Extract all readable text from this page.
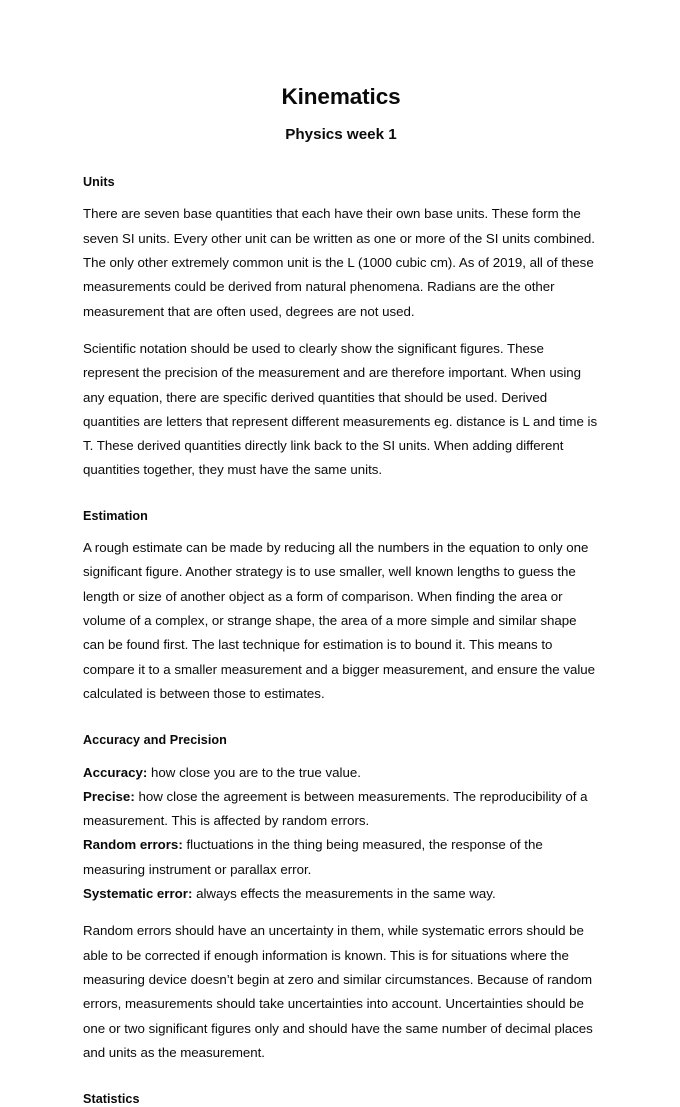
Kinematics
Physics week 1
Units

There are seven base quantities that each have their own base units. These form the seven SI units. Every other unit can be written as one or more of the SI units combined. The only other extremely common unit is the L (1000 cubic cm). As of 2019, all of these measurements could be derived from natural phenomena. Radians are the other measurement that are often used, degrees are not used.

Scientific notation should be used to clearly show the significant figures. These represent the precision of the measurement and are therefore important. When using any equation, there are specific derived quantities that should be used. Derived quantities are letters that represent different measurements eg. distance is L and time is T. These derived quantities directly link back to the SI units. When adding different quantities together, they must have the same units.

Estimation

A rough estimate can be made by reducing all the numbers in the equation to only one significant figure. Another strategy is to use smaller, well known lengths to guess the length or size of another object as a form of comparison. When finding the area or volume of a complex, or strange shape, the area of a more simple and similar shape can be found first. The last technique for estimation is to bound it. This means to compare it to a smaller measurement and a bigger measurement, and ensure the value calculated is between those to estimates.

Accuracy and Precision

Accuracy: how close you are to the true value.

Precise: how close the agreement is between measurements. The reproducibility of a measurement. This is affected by random errors.

Random errors: fluctuations in the thing being measured, the response of the measuring instrument or parallax error.

Systematic error: always effects the measurements in the same way.

Random errors should have an uncertainty in them, while systematic errors should be able to be corrected if enough information is known. This is for situations where the measuring device doesn’t begin at zero and similar circumstances. Because of random errors, measurements should take uncertainties into account. Uncertainties should be one or two significant figures only and should have the same number of decimal places and units as the measurement.

Statistics
